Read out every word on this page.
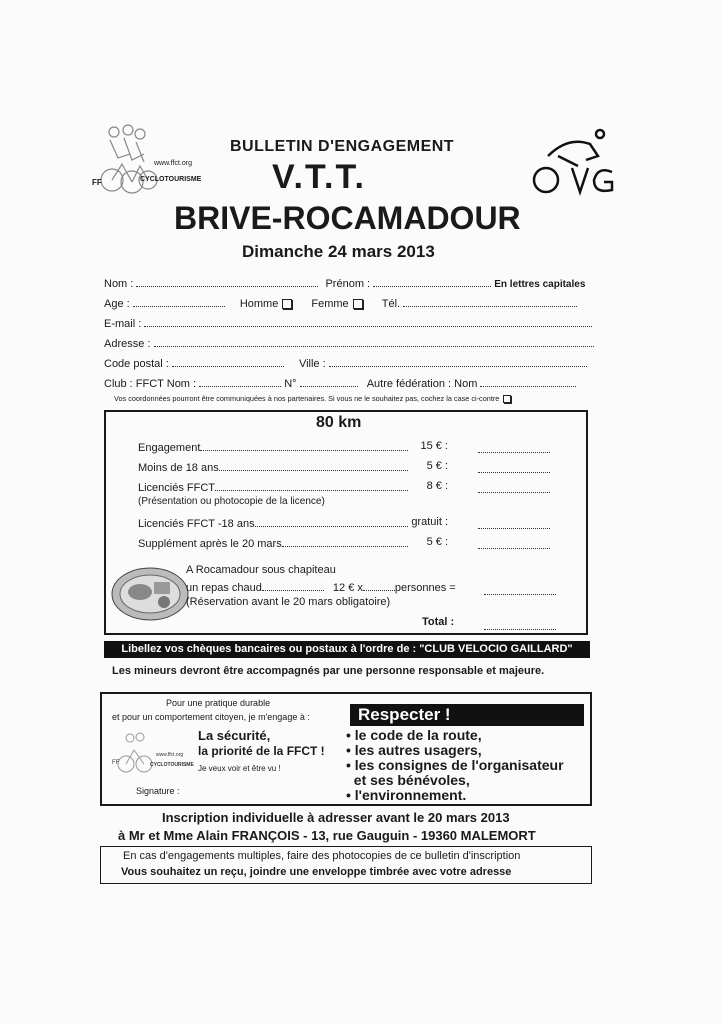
FF
www.ffct.org
CYCLOTOURISME
BULLETIN D'ENGAGEMENT
V.T.T.
BRIVE-ROCAMADOUR
Dimanche 24 mars 2013
Nom :	Prénom :	En lettres capitales
Age :	Homme	Femme	Tél.
E-mail :
Adresse :
Code postal :	Ville :
Club : FFCT Nom :	N°	Autre fédération : Nom
Vos coordonnées pourront être communiquées à nos partenaires. Si vous ne le souhaitez pas, cochez la case ci-contre
80 km
Engagement	15 € :
Moins de 18 ans	5 € :
Licenciés FFCT	8 € :
Licenciés FFCT -18 ans	gratuit :
Supplément après le 20 mars	5 € :
(Présentation ou photocopie de la licence)
A Rocamadour sous chapiteau
un repas chaud	12 € x	personnes =
(Réservation avant le 20 mars obligatoire)
Total :
Libellez vos chèques bancaires ou postaux à l'ordre de : "CLUB VELOCIO GAILLARD"
Les mineurs devront être accompagnés par une personne responsable et majeure.
Pour une pratique durable
et pour un comportement citoyen, je m'engage à :
FF
www.ffct.org
CYCLOTOURISME
La sécurité,
la priorité de la FFCT !
Je veux voir et être vu !
Signature :
Respecter !
• le code de la route,
• les autres usagers,
• les consignes de l'organisateur
et ses bénévoles,
• l'environnement.
Inscription individuelle à adresser avant le 20 mars 2013
à Mr et Mme Alain FRANÇOIS - 13, rue Gauguin - 19360 MALEMORT
En cas d'engagements multiples, faire des photocopies de ce bulletin d'inscription
Vous souhaitez un reçu, joindre une enveloppe timbrée avec votre adresse
